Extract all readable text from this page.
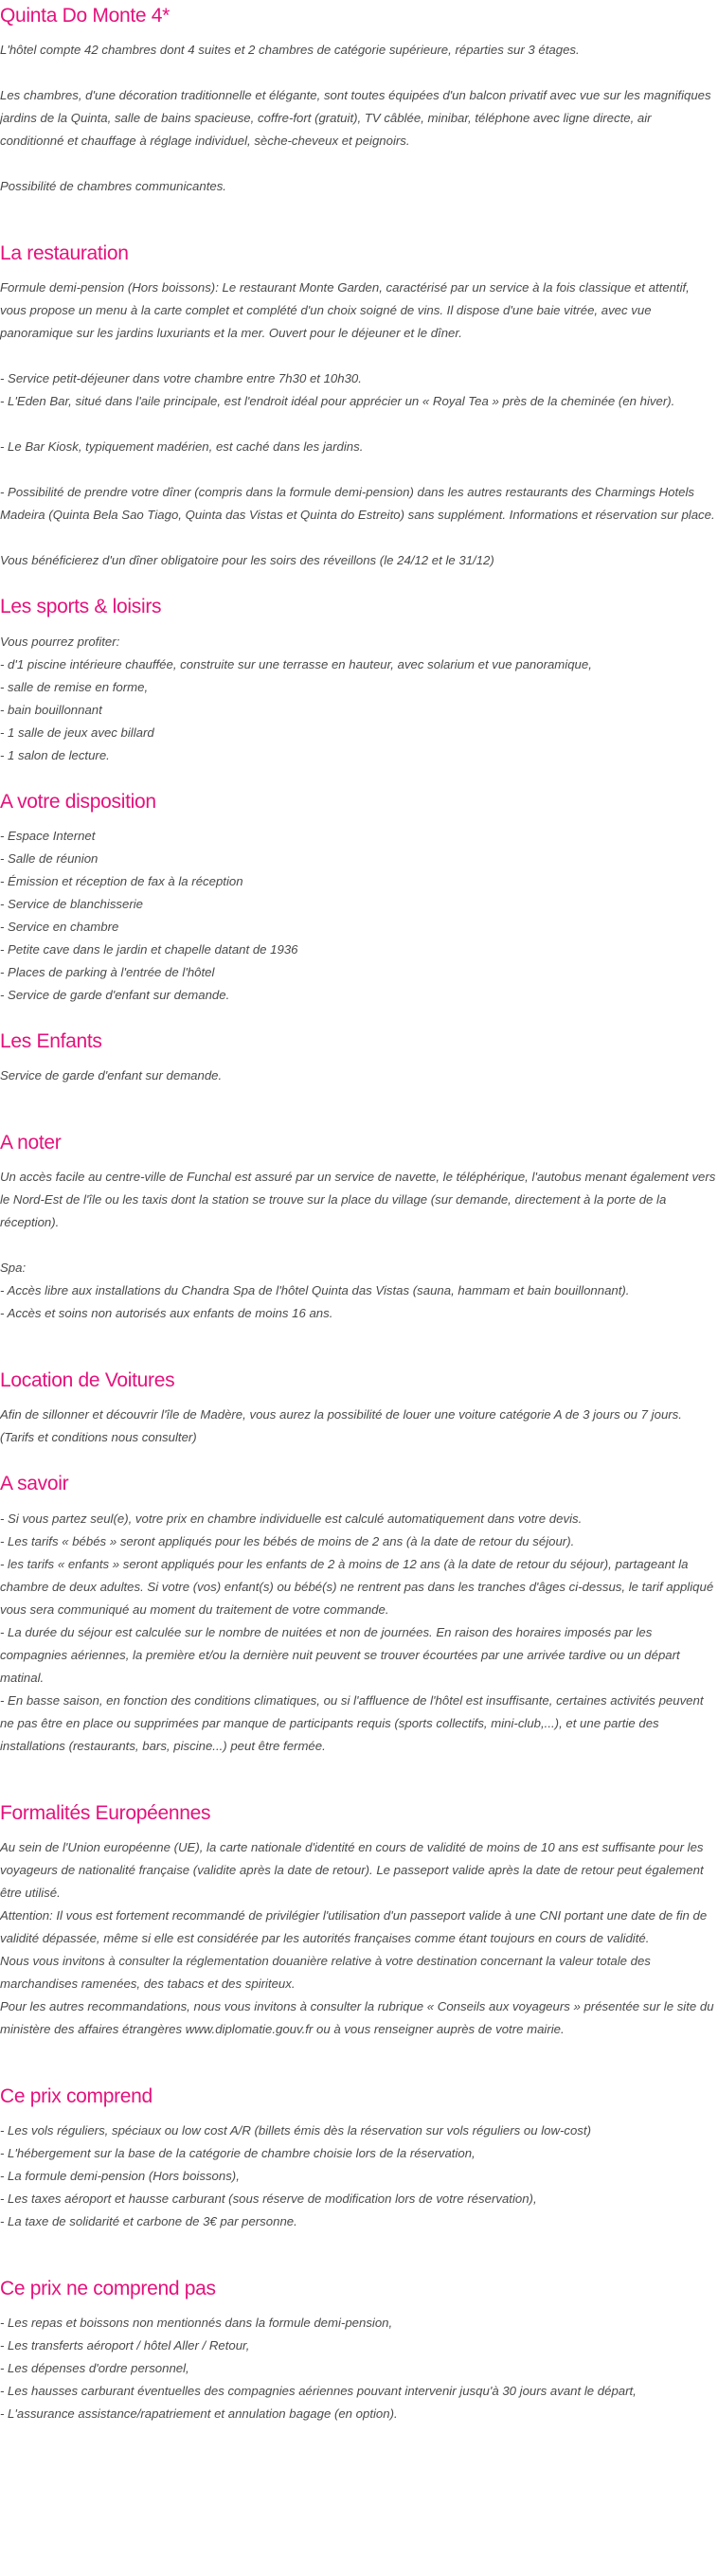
Quinta Do Monte 4*

L'hôtel compte 42 chambres dont 4 suites et 2 chambres de catégorie supérieure, réparties sur 3 étages.

Les chambres, d'une décoration traditionnelle et élégante, sont toutes équipées d'un balcon privatif avec vue sur les magnifiques jardins de la Quinta, salle de bains spacieuse, coffre-fort (gratuit), TV câblée, minibar, téléphone avec ligne directe, air conditionné et chauffage à réglage individuel, sèche-cheveux et peignoirs.

Possibilité de chambres communicantes.

La restauration

Formule demi-pension (Hors boissons): Le restaurant Monte Garden, caractérisé par un service à la fois classique et attentif, vous propose un menu à la carte complet et complété d'un choix soigné de vins. Il dispose d'une baie vitrée, avec vue panoramique sur les jardins luxuriants et la mer. Ouvert pour le déjeuner et le dîner.

- Service petit-déjeuner dans votre chambre entre 7h30 et 10h30.
- L'Eden Bar, situé dans l'aile principale, est l'endroit idéal pour apprécier un « Royal Tea » près de la cheminée (en hiver).

- Le Bar Kiosk, typiquement madérien, est caché dans les jardins.

- Possibilité de prendre votre dîner (compris dans la formule demi-pension) dans les autres restaurants des Charmings Hotels Madeira (Quinta Bela Sao Tiago, Quinta das Vistas et Quinta do Estreito) sans supplément. Informations et réservation sur place.

Vous bénéficierez d'un dîner obligatoire pour les soirs des réveillons (le 24/12 et le 31/12)

Les sports & loisirs

Vous pourrez profiter:
- d'1 piscine intérieure chauffée, construite sur une terrasse en hauteur, avec solarium et vue panoramique,
- salle de remise en forme,
- bain bouillonnant
- 1 salle de jeux avec billard
- 1 salon de lecture.

A votre disposition

- Espace Internet
- Salle de réunion
- Émission et réception de fax à la réception
- Service de blanchisserie
- Service en chambre
- Petite cave dans le jardin et chapelle datant de 1936
- Places de parking à l'entrée de l'hôtel
- Service de garde d'enfant sur demande.

Les Enfants

Service de garde d'enfant sur demande.

A noter

Un accès facile au centre-ville de Funchal est assuré par un service de navette, le téléphérique, l'autobus menant également vers le Nord-Est de l'île ou les taxis dont la station se trouve sur la place du village (sur demande, directement à la porte de la réception).

Spa:
- Accès libre aux installations du Chandra Spa de l'hôtel Quinta das Vistas (sauna, hammam et bain bouillonnant).
- Accès et soins non autorisés aux enfants de moins 16 ans.

Location de Voitures

Afin de sillonner et découvrir l'île de Madère, vous aurez la possibilité de louer une voiture catégorie A de 3 jours ou 7 jours. (Tarifs et conditions nous consulter)

A savoir

- Si vous partez seul(e), votre prix en chambre individuelle est calculé automatiquement dans votre devis.
- Les tarifs « bébés » seront appliqués pour les bébés de moins de 2 ans (à la date de retour du séjour).
- les tarifs « enfants » seront appliqués pour les enfants de 2 à moins de 12 ans (à la date de retour du séjour), partageant la chambre de deux adultes. Si votre (vos) enfant(s) ou bébé(s) ne rentrent pas dans les tranches d'âges ci-dessus, le tarif appliqué vous sera communiqué au moment du traitement de votre commande.
- La durée du séjour est calculée sur le nombre de nuitées et non de journées. En raison des horaires imposés par les compagnies aériennes, la première et/ou la dernière nuit peuvent se trouver écourtées par une arrivée tardive ou un départ matinal.
- En basse saison, en fonction des conditions climatiques, ou si l'affluence de l'hôtel est insuffisante, certaines activités peuvent ne pas être en place ou supprimées par manque de participants requis (sports collectifs, mini-club,...), et une partie des installations (restaurants, bars, piscine...) peut être fermée.

Formalités Européennes

Au sein de l'Union européenne (UE), la carte nationale d'identité en cours de validité de moins de 10 ans est suffisante pour les voyageurs de nationalité française (validite après la date de retour). Le passeport valide après la date de retour peut également être utilisé.
Attention: Il vous est fortement recommandé de privilégier l'utilisation d'un passeport valide à une CNI portant une date de fin de validité dépassée, même si elle est considérée par les autorités françaises comme étant toujours en cours de validité.
Nous vous invitons à consulter la réglementation douanière relative à votre destination concernant la valeur totale des marchandises ramenées, des tabacs et des spiriteux.
Pour les autres recommandations, nous vous invitons à consulter la rubrique « Conseils aux voyageurs » présentée sur le site du ministère des affaires étrangères www.diplomatie.gouv.fr ou à vous renseigner auprès de votre mairie.

Ce prix comprend

- Les vols réguliers, spéciaux ou low cost A/R (billets émis dès la réservation sur vols réguliers ou low-cost)
- L'hébergement sur la base de la catégorie de chambre choisie lors de la réservation,
- La formule demi-pension (Hors boissons),
- Les taxes aéroport et hausse carburant (sous réserve de modification lors de votre réservation),
- La taxe de solidarité et carbone de 3€ par personne.

Ce prix ne comprend pas

- Les repas et boissons non mentionnés dans la formule demi-pension,
- Les transferts aéroport / hôtel Aller / Retour,
- Les dépenses d'ordre personnel,
- Les hausses carburant éventuelles des compagnies aériennes pouvant intervenir jusqu'à 30 jours avant le départ,
- L'assurance assistance/rapatriement et annulation bagage (en option).
